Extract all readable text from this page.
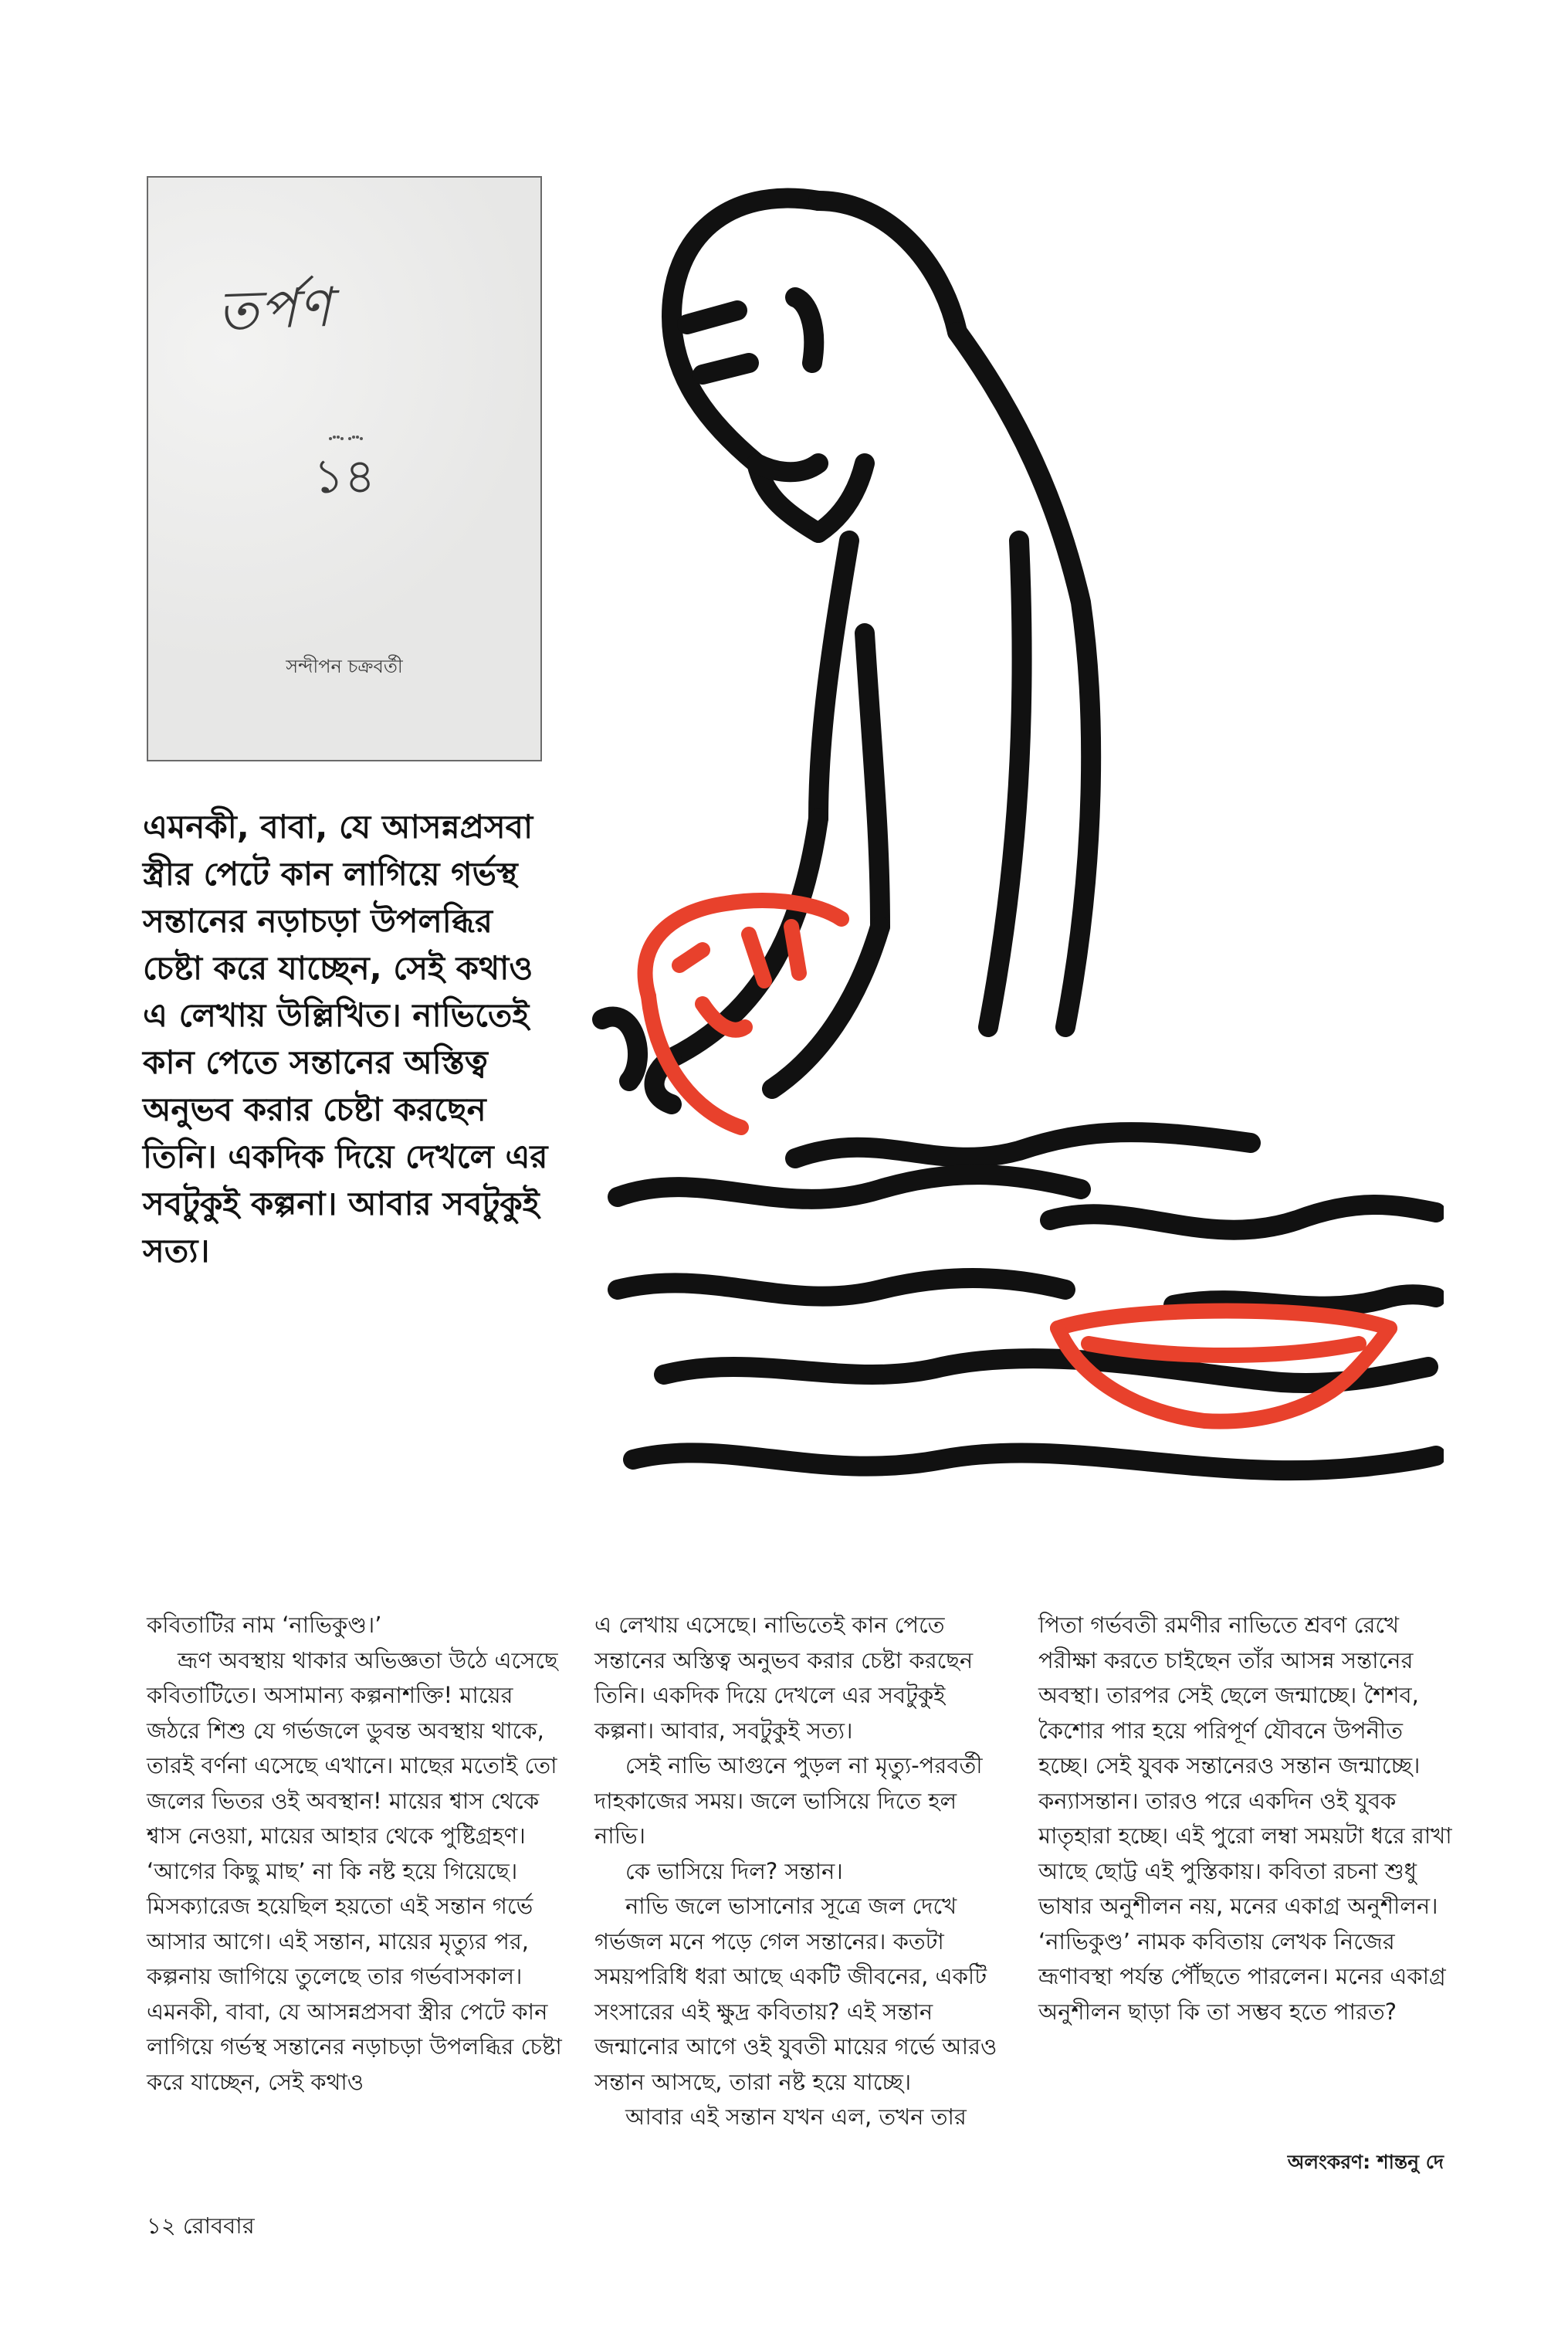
তর্পণ
১৪
সন্দীপন চক্রবর্তী
এমনকী, বাবা, যে আসন্নপ্রসবা স্ত্রীর পেটে কান লাগিয়ে গর্ভস্থ সন্তানের নড়াচড়া উপলব্ধির চেষ্টা করে যাচ্ছেন, সেই কথাও এ লেখায় উল্লিখিত। নাভিতেই কান পেতে সন্তানের অস্তিত্ব অনুভব করার চেষ্টা করছেন তিনি। একদিক দিয়ে দেখলে এর সবটুকুই কল্পনা। আবার সবটুকুই সত্য।

কবিতাটির নাম ‘নাভিকুণ্ড।’

ভ্রূণ অবস্থায় থাকার অভিজ্ঞতা উঠে এসেছে কবিতাটিতে। অসামান্য কল্পনাশক্তি! মায়ের জঠরে শিশু যে গর্ভজলে ডুবন্ত অবস্থায় থাকে, তারই বর্ণনা এসেছে এখানে। মাছের মতোই তো জলের ভিতর ওই অবস্থান! মায়ের শ্বাস থেকে শ্বাস নেওয়া, মায়ের আহার থেকে পুষ্টিগ্রহণ। ‘আগের কিছু মাছ’ না কি নষ্ট হয়ে গিয়েছে। মিসক্যারেজ হয়েছিল হয়তো এই সন্তান গর্ভে আসার আগে। এই সন্তান, মায়ের মৃত্যুর পর, কল্পনায় জাগিয়ে তুলেছে তার গর্ভবাসকাল। এমনকী, বাবা, যে আসন্নপ্রসবা স্ত্রীর পেটে কান লাগিয়ে গর্ভস্থ সন্তানের নড়াচড়া উপলব্ধির চেষ্টা করে যাচ্ছেন, সেই কথাও

এ লেখায় এসেছে। নাভিতেই কান পেতে সন্তানের অস্তিত্ব অনুভব করার চেষ্টা করছেন তিনি। একদিক দিয়ে দেখলে এর সবটুকুই কল্পনা। আবার, সবটুকুই সত্য।

সেই নাভি আগুনে পুড়ল না মৃত্যু-পরবর্তী দাহকাজের সময়। জলে ভাসিয়ে দিতে হল নাভি।

কে ভাসিয়ে দিল? সন্তান।

নাভি জলে ভাসানোর সূত্রে জল দেখে গর্ভজল মনে পড়ে গেল সন্তানের। কতটা সময়পরিধি ধরা আছে একটি জীবনের, একটি সংসারের এই ক্ষুদ্র কবিতায়? এই সন্তান জন্মানোর আগে ওই যুবতী মায়ের গর্ভে আরও সন্তান আসছে, তারা নষ্ট হয়ে যাচ্ছে।

আবার এই সন্তান যখন এল, তখন তার

পিতা গর্ভবতী রমণীর নাভিতে শ্রবণ রেখে পরীক্ষা করতে চাইছেন তাঁর আসন্ন সন্তানের অবস্থা। তারপর সেই ছেলে জন্মাচ্ছে। শৈশব, কৈশোর পার হয়ে পরিপূর্ণ যৌবনে উপনীত হচ্ছে। সেই যুবক সন্তানেরও সন্তান জন্মাচ্ছে। কন্যাসন্তান। তারও পরে একদিন ওই যুবক মাতৃহারা হচ্ছে। এই পুরো লম্বা সময়টা ধরে রাখা আছে ছোট্ট এই পুস্তিকায়। কবিতা রচনা শুধু ভাষার অনুশীলন নয়, মনের একাগ্র অনুশীলন। ‘নাভিকুণ্ড’ নামক কবিতায় লেখক নিজের ভ্রূণাবস্থা পর্যন্ত পৌঁছতে পারলেন। মনের একাগ্র অনুশীলন ছাড়া কি তা সম্ভব হতে পারত?

অলংকরণ: শান্তনু দে
১২ রোববার
